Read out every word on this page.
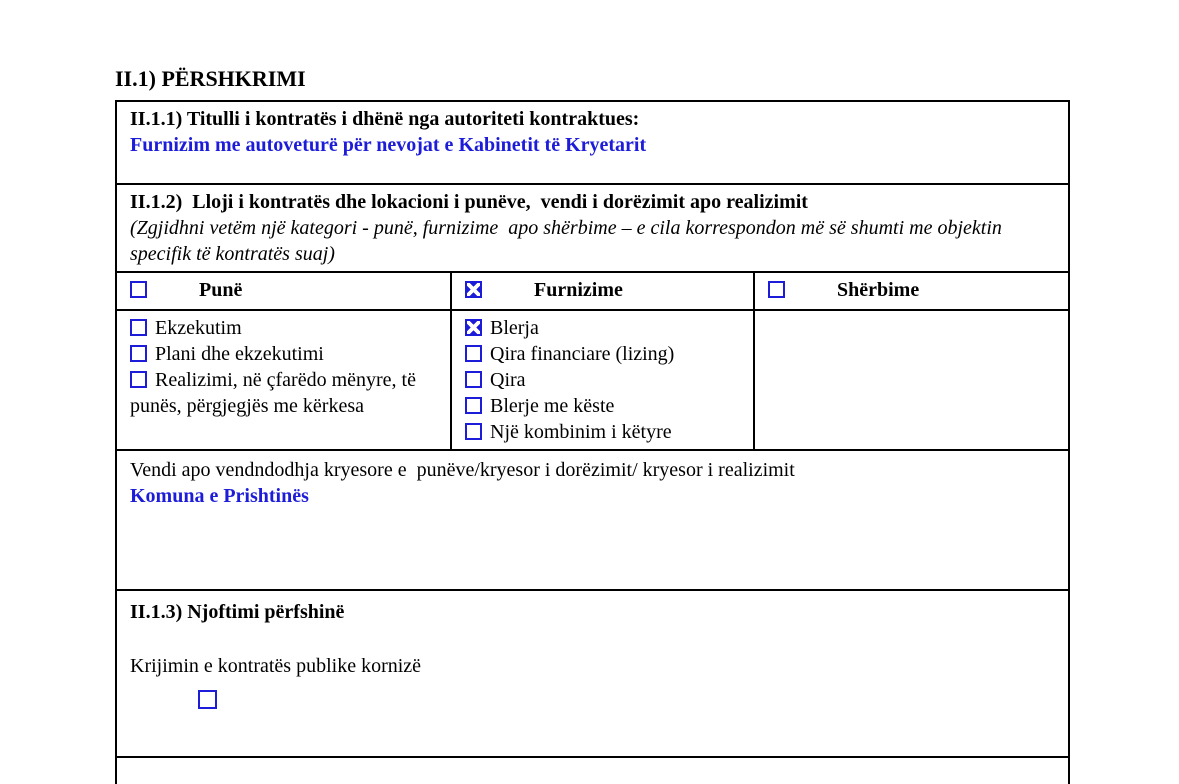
II.1) PËRSHKRIMI
II.1.1) Titulli i kontratës i dhënë nga autoriteti kontraktues:
Furnizim me autoveturë për nevojat e Kabinetit të Kryetarit		

II.1.2)  Lloji i kontratës dhe lokacioni i punëve,  vendi i dorëzimit apo realizimit
(Zgjidhni vetëm një kategori - punë, furnizime  apo shërbime – e cila korrespondon më së shumti me objektin specifik të kontratës suaj)		

Punë	Furnizime	Shërbime

Ekzekutim
Plani dhe ekzekutimi
Realizimi, në çfarëdo mënyre, të punës, përgjegjës me kërkesa

Blerja
Qira financiare (lizing)
Qira
Blerje me këste
Një kombinim i këtyre

Vendi apo vendndodhja kryesore e  punëve/kryesor i dorëzimit/ kryesor i realizimit
Komuna e Prishtinës		

II.1.3) Njoftimi përfshinë
Krijimin e kontratës publike kornizë		
